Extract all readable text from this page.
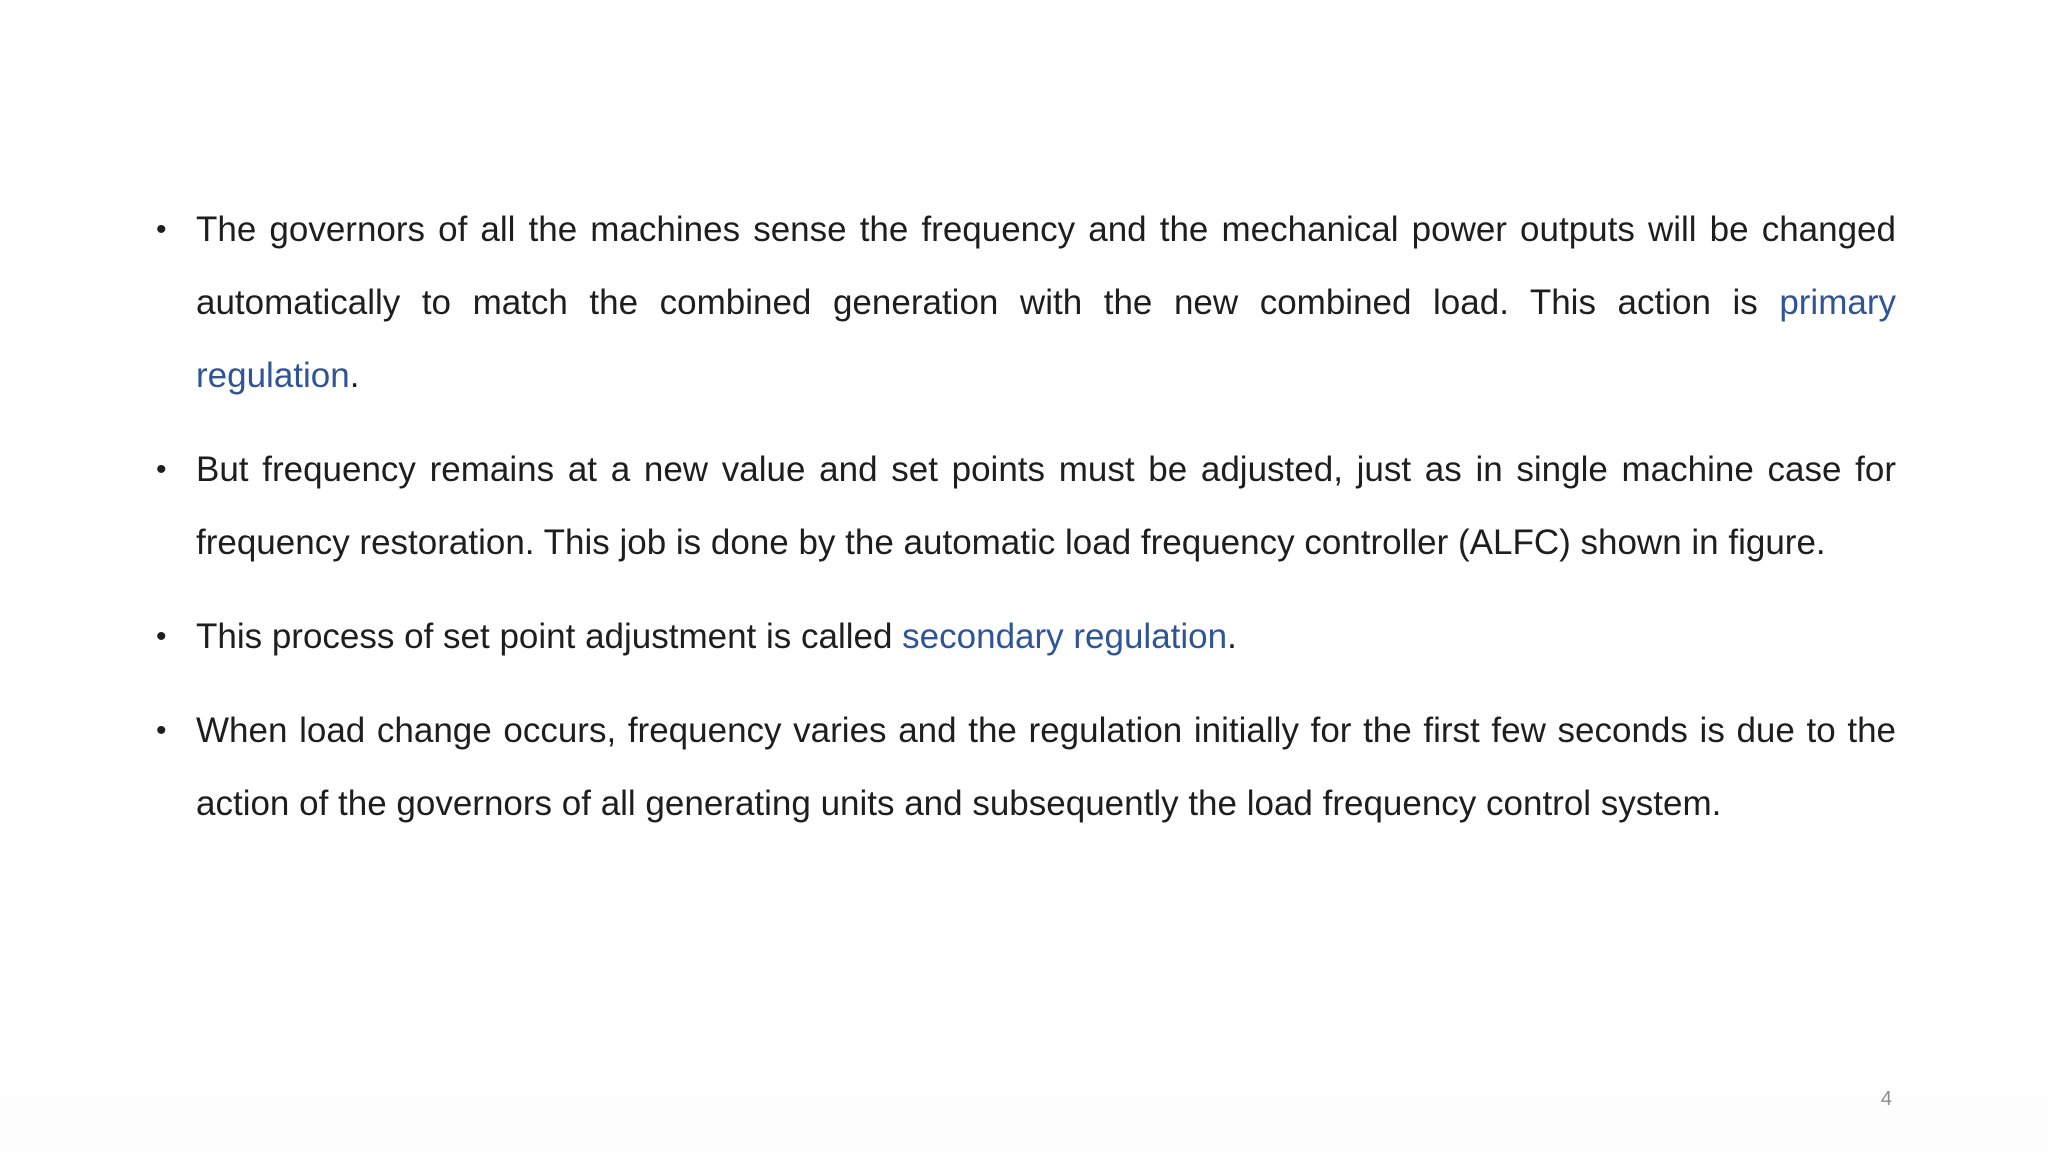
• The governors of all the machines sense the frequency and the mechanical power outputs will be changed automatically to match the combined generation with the new combined load. This action is primary regulation.
• But frequency remains at a new value and set points must be adjusted, just as in single machine case for frequency restoration. This job is done by the automatic load frequency controller (ALFC) shown in figure.
• This process of set point adjustment is called secondary regulation.
• When load change occurs, frequency varies and the regulation initially for the first few seconds is due to the action of the governors of all generating units and subsequently the load frequency control system.
4
